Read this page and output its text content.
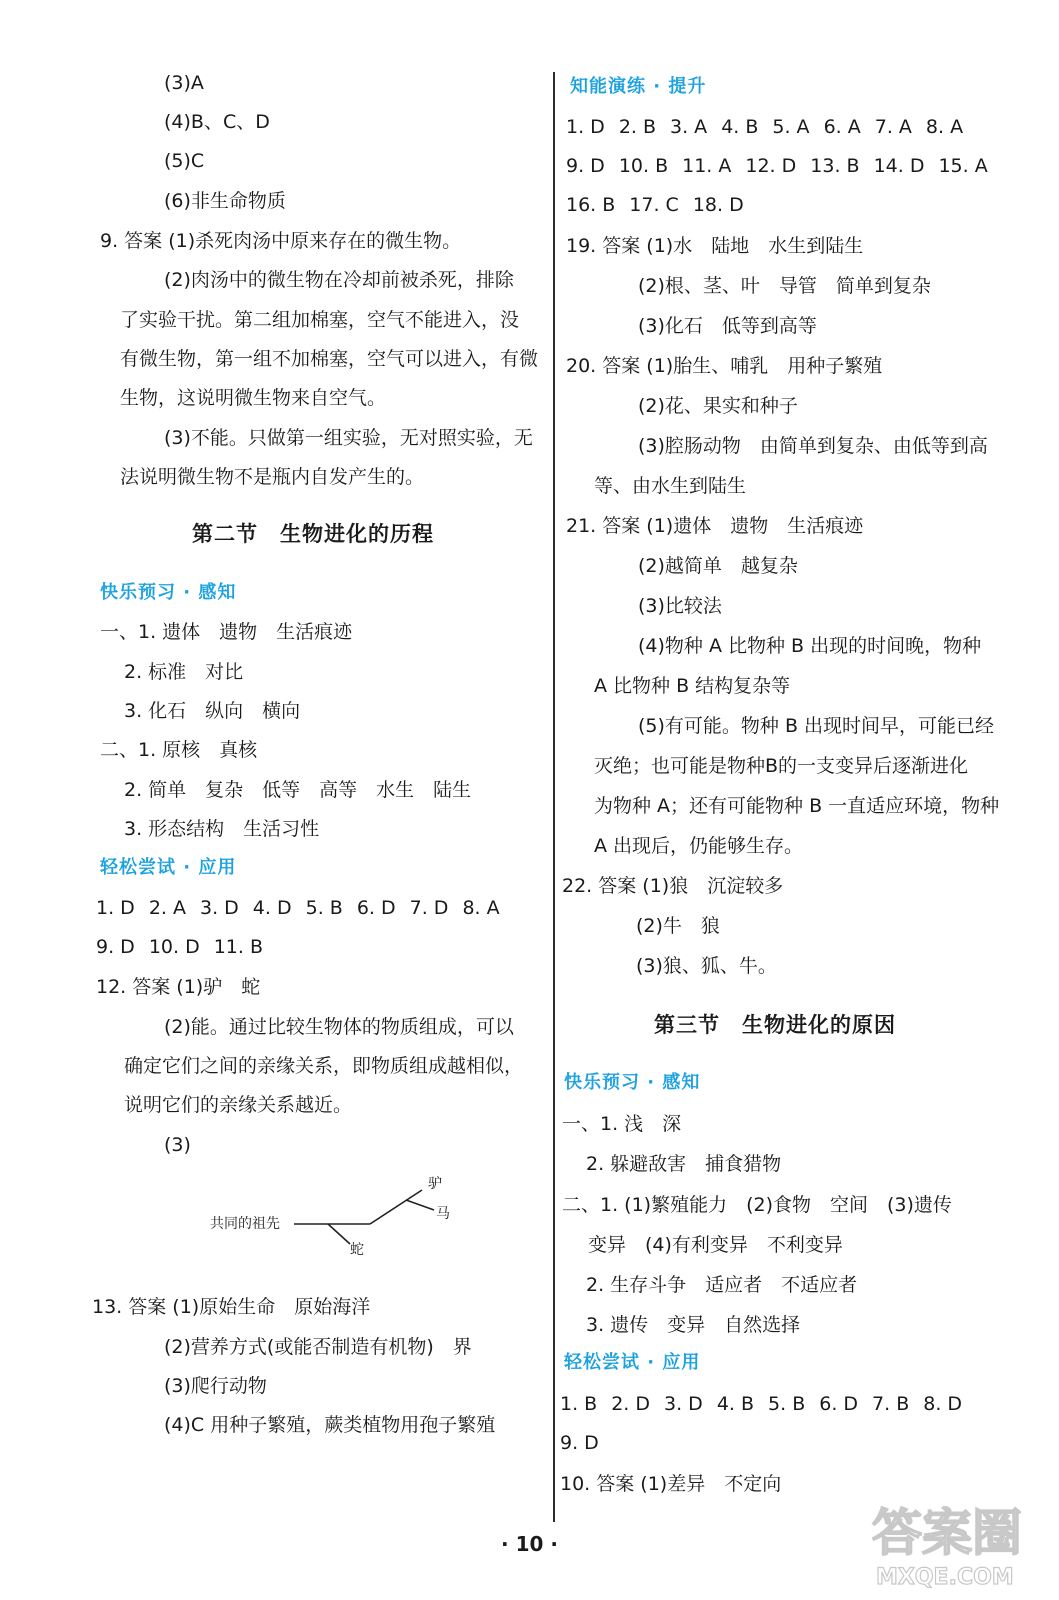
(3)A
(4)B、C、D
(5)C
(6)非生命物质
9. 答案 (1)杀死肉汤中原来存在的微生物。
(2)肉汤中的微生物在冷却前被杀死，排除
了实验干扰。第二组加棉塞，空气不能进入，没
有微生物，第一组不加棉塞，空气可以进入，有微
生物，这说明微生物来自空气。
(3)不能。只做第一组实验，无对照实验，无
法说明微生物不是瓶内自发产生的。
第二节　生物进化的历程
快乐预习 · 感知
一、1. 遗体　遗物　生活痕迹
2. 标准　对比
3. 化石　纵向　横向
二、1. 原核　真核
2. 简单　复杂　低等　高等　水生　陆生
3. 形态结构　生活习性
轻松尝试 · 应用
1. D 2. A 3. D 4. D 5. B 6. D 7. D 8. A
9. D 10. D 11. B
12. 答案 (1)驴　蛇
(2)能。通过比较生物体的物质组成，可以
确定它们之间的亲缘关系，即物质组成越相似，
说明它们的亲缘关系越近。
(3)
共同的祖先
驴
马
蛇
13. 答案 (1)原始生命　原始海洋
(2)营养方式(或能否制造有机物)　界
(3)爬行动物
(4)C 用种子繁殖，蕨类植物用孢子繁殖
知能演练 · 提升
1. D 2. B 3. A 4. B 5. A 6. A 7. A 8. A
9. D 10. B 11. A 12. D 13. B 14. D 15. A
16. B 17. C 18. D
19. 答案 (1)水　陆地　水生到陆生
(2)根、茎、叶　导管　简单到复杂
(3)化石　低等到高等
20. 答案 (1)胎生、哺乳　用种子繁殖
(2)花、果实和种子
(3)腔肠动物　由简单到复杂、由低等到高
等、由水生到陆生
21. 答案 (1)遗体　遗物　生活痕迹
(2)越简单　越复杂
(3)比较法
(4)物种 A 比物种 B 出现的时间晚，物种
A 比物种 B 结构复杂等
(5)有可能。物种 B 出现时间早，可能已经
灭绝；也可能是物种B的一支变异后逐渐进化
为物种 A；还有可能物种 B 一直适应环境，物种
A 出现后，仍能够生存。
22. 答案 (1)狼　沉淀较多
(2)牛　狼
(3)狼、狐、牛。
第三节　生物进化的原因
快乐预习 · 感知
一、1. 浅　深
2. 躲避敌害　捕食猎物
二、1. (1)繁殖能力　(2)食物　空间　(3)遗传
变异　(4)有利变异　不利变异
2. 生存斗争　适应者　不适应者
3. 遗传　变异　自然选择
轻松尝试 · 应用
1. B 2. D 3. D 4. B 5. B 6. D 7. B 8. D
9. D
10. 答案 (1)差异　不定向
· 10 ·	答案圈
MXQE.COM
